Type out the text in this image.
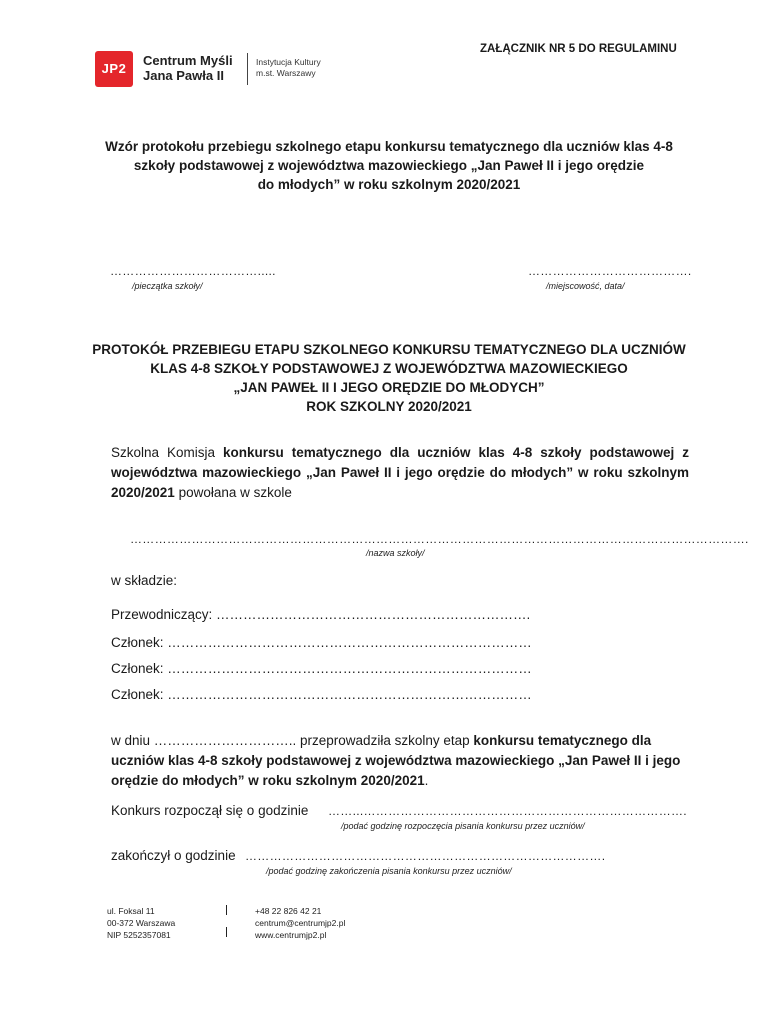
JP2
Centrum Myśli
Jana Pawła II
Instytucja Kultury
m.st. Warszawy
ZAŁĄCZNIK NR 5 DO REGULAMINU
Wzór protokołu przebiegu szkolnego etapu konkursu tematycznego dla uczniów klas 4-8
szkoły podstawowej z województwa mazowieckiego „Jan Paweł II i jego orędzie
do młodych” w roku szkolnym 2020/2021
……………………………….....
/pieczątka szkoły/
………………………………….
/miejscowość, data/
PROTOKÓŁ PRZEBIEGU ETAPU SZKOLNEGO KONKURSU TEMATYCZNEGO DLA UCZNIÓW
KLAS 4-8 SZKOŁY PODSTAWOWEJ Z WOJEWÓDZTWA MAZOWIECKIEGO
„JAN PAWEŁ II I JEGO ORĘDZIE DO MŁODYCH”
ROK SZKOLNY 2020/2021
Szkolna Komisja konkursu tematycznego dla uczniów klas 4-8 szkoły podstawowej z województwa mazowieckiego „Jan Paweł II i jego orędzie do młodych” w roku szkolnym 2020/2021 powołana w szkole
…………………………………………………………………………………………………………………………………….
/nazwa szkoły/
w składzie:
Przewodniczący: …………………………………………………………….
Członek: ………………………………………………………………………
Członek: ………………………………………………………………………
Członek: ………………………………………………………………………
w dniu ………………………….. przeprowadziła szkolny etap konkursu tematycznego dla uczniów klas 4-8 szkoły podstawowej z województwa mazowieckiego „Jan Paweł II i jego orędzie do młodych” w roku szkolnym 2020/2021.
Konkurs rozpoczął się o godzinie ……...…………………………………………………………………….
/podać godzinę rozpoczęcia pisania konkursu przez uczniów/
zakończył o godzinie …………………………………………………………………………….
/podać godzinę zakończenia pisania konkursu przez uczniów/
ul. Foksal 11
00-372 Warszawa
NIP 5252357081
+48 22 826 42 21
centrum@centrumjp2.pl
www.centrumjp2.pl
